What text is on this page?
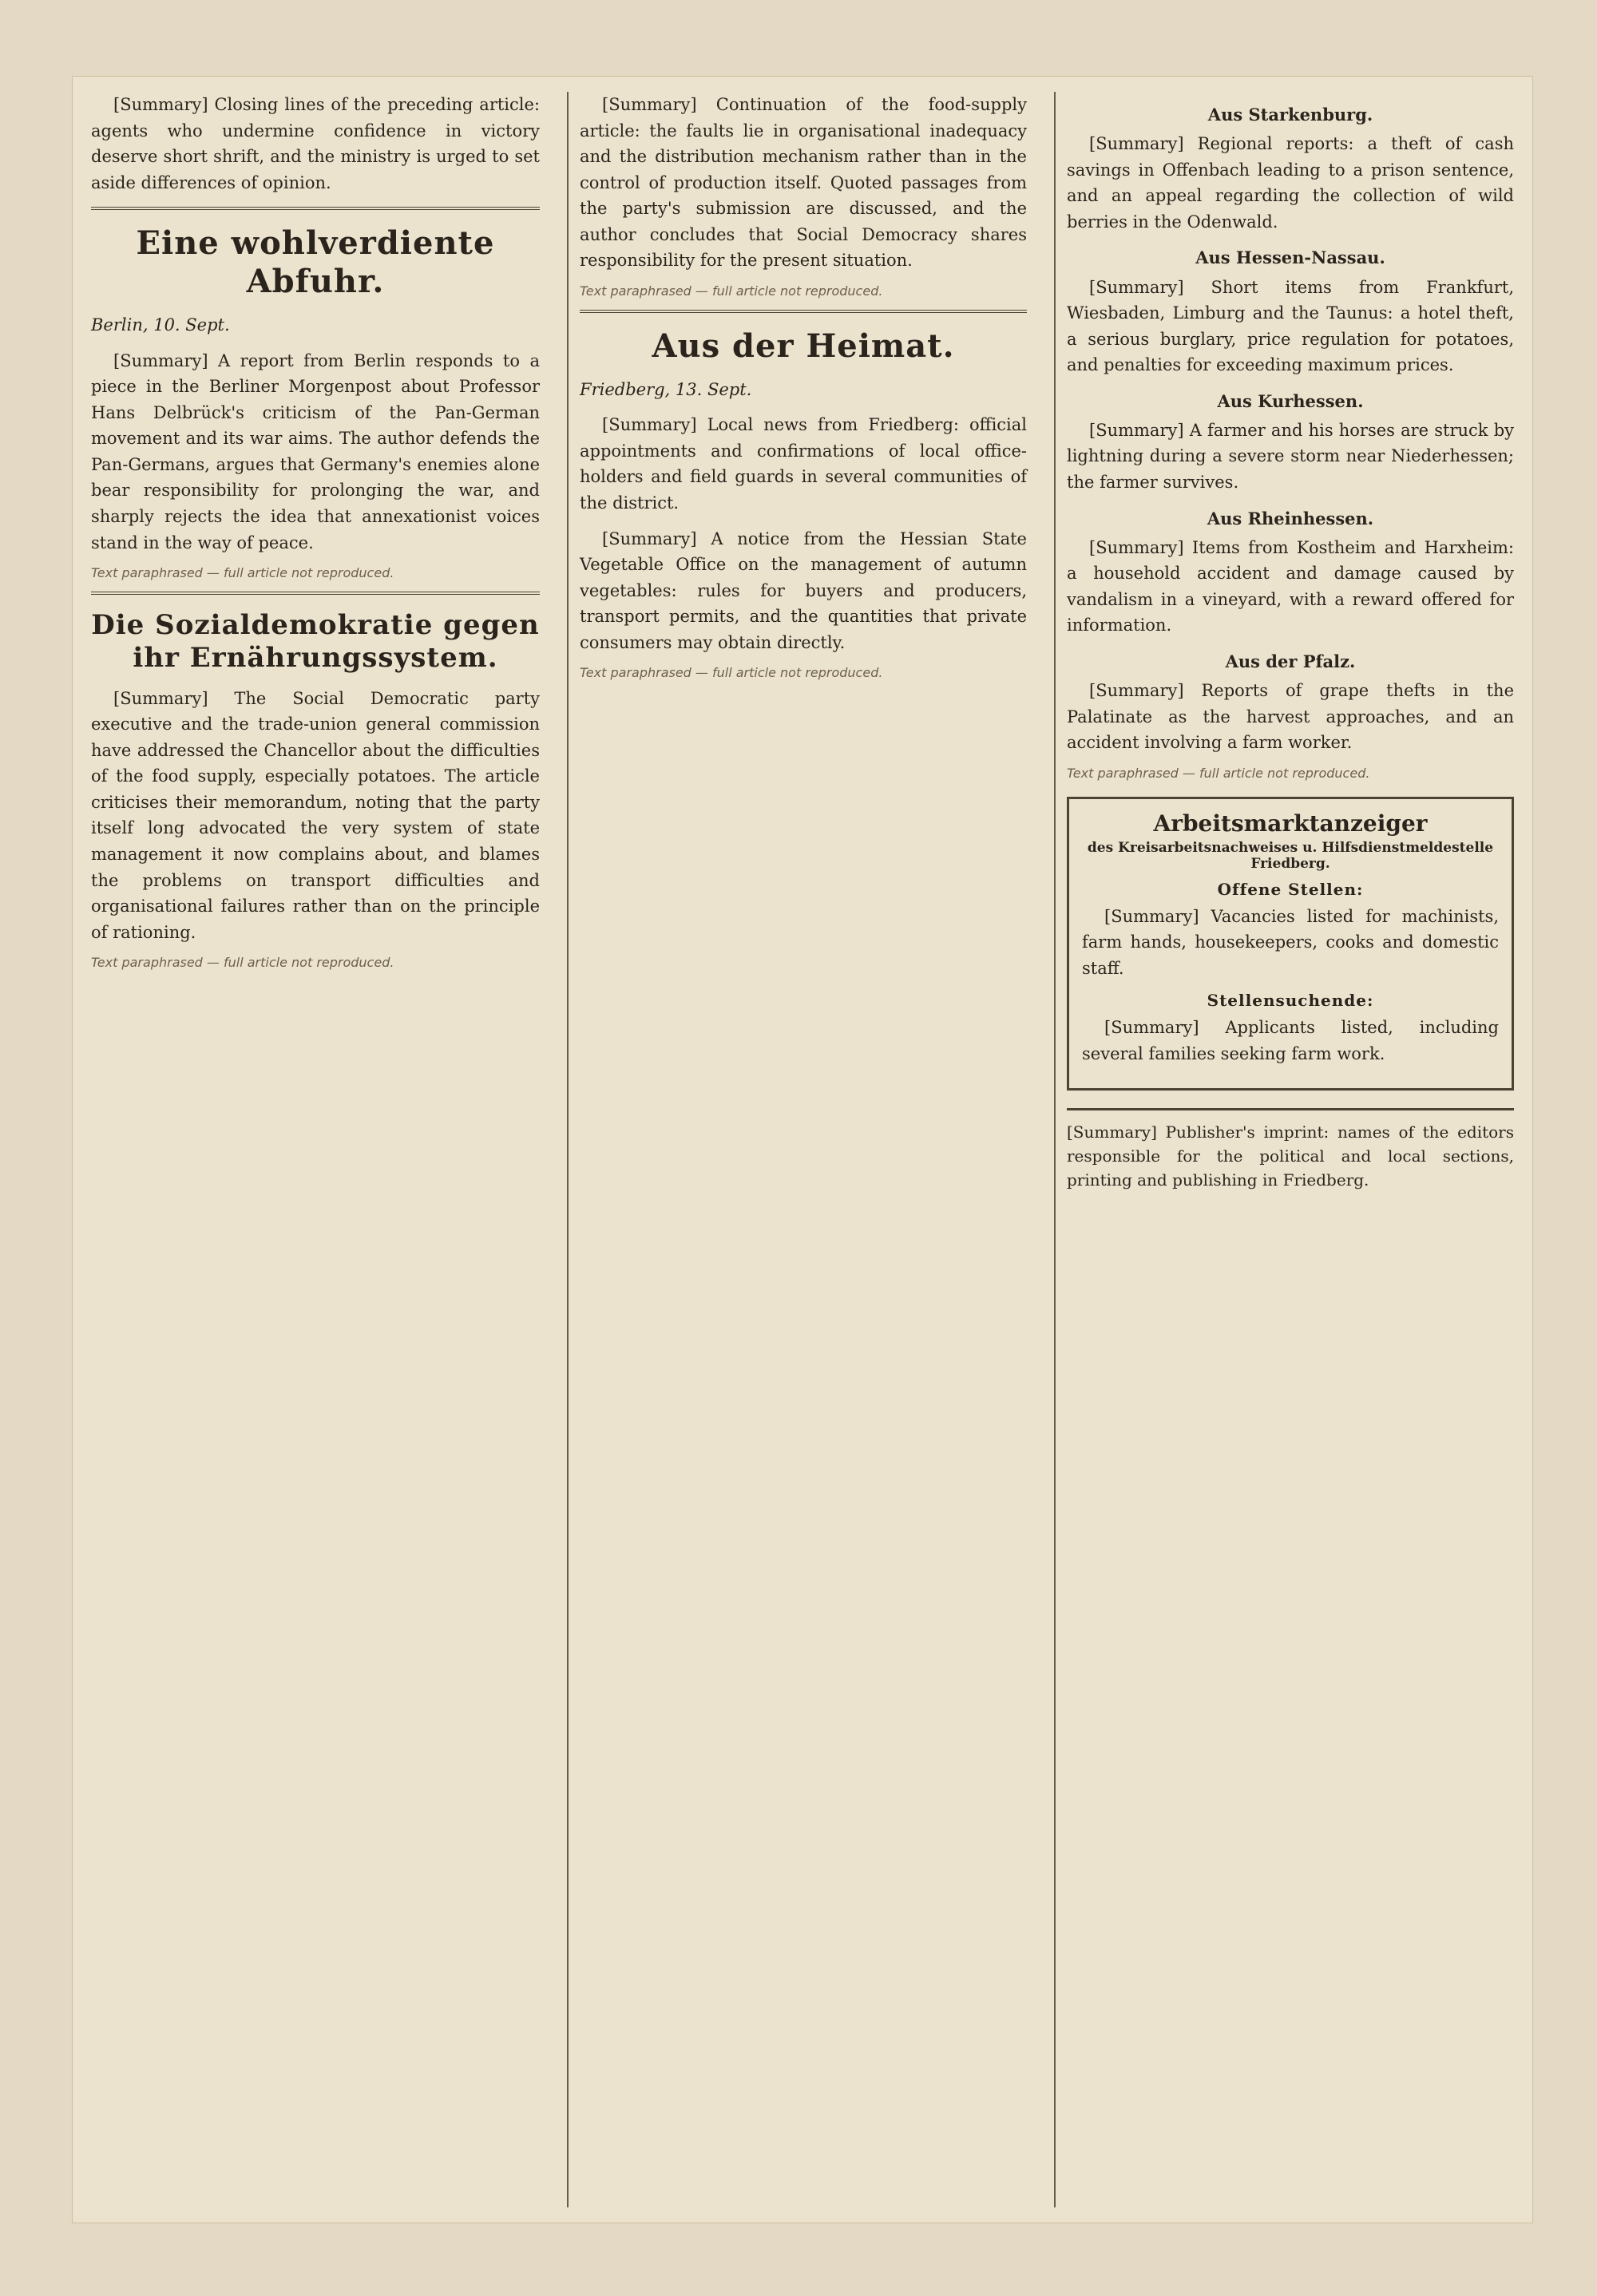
[Summary] Closing lines of the preceding article: agents who undermine confidence in victory deserve short shrift, and the ministry is urged to set aside differences of opinion.

Eine wohlverdiente Abfuhr.

Berlin, 10. Sept.

[Summary] A report from Berlin responds to a piece in the Berliner Morgenpost about Professor Hans Delbrück's criticism of the Pan-German movement and its war aims. The author defends the Pan-Germans, argues that Germany's enemies alone bear responsibility for prolonging the war, and sharply rejects the idea that annexationist voices stand in the way of peace.

Text paraphrased — full article not reproduced.

Die Sozialdemokratie gegen ihr Ernährungssystem.

[Summary] The Social Democratic party executive and the trade-union general commission have addressed the Chancellor about the difficulties of the food supply, especially potatoes. The article criticises their memorandum, noting that the party itself long advocated the very system of state management it now complains about, and blames the problems on transport difficulties and organisational failures rather than on the principle of rationing.

Text paraphrased — full article not reproduced.

[Summary] Continuation of the food-supply article: the faults lie in organisational inadequacy and the distribution mechanism rather than in the control of production itself. Quoted passages from the party's submission are discussed, and the author concludes that Social Democracy shares responsibility for the present situation.

Text paraphrased — full article not reproduced.

Aus der Heimat.

Friedberg, 13. Sept.

[Summary] Local news from Friedberg: official appointments and confirmations of local office-holders and field guards in several communities of the district.

[Summary] A notice from the Hessian State Vegetable Office on the management of autumn vegetables: rules for buyers and producers, transport permits, and the quantities that private consumers may obtain directly.

Text paraphrased — full article not reproduced.

Aus Starkenburg.

[Summary] Regional reports: a theft of cash savings in Offenbach leading to a prison sentence, and an appeal regarding the collection of wild berries in the Odenwald.

Aus Hessen-Nassau.

[Summary] Short items from Frankfurt, Wiesbaden, Limburg and the Taunus: a hotel theft, a serious burglary, price regulation for potatoes, and penalties for exceeding maximum prices.

Aus Kurhessen.

[Summary] A farmer and his horses are struck by lightning during a severe storm near Niederhessen; the farmer survives.

Aus Rheinhessen.

[Summary] Items from Kostheim and Harxheim: a household accident and damage caused by vandalism in a vineyard, with a reward offered for information.

Aus der Pfalz.

[Summary] Reports of grape thefts in the Palatinate as the harvest approaches, and an accident involving a farm worker.

Text paraphrased — full article not reproduced.

Arbeitsmarktanzeiger
des Kreisarbeitsnachweises u. Hilfsdienstmeldestelle Friedberg.
Offene Stellen:

[Summary] Vacancies listed for machinists, farm hands, housekeepers, cooks and domestic staff.

Stellensuchende:

[Summary] Applicants listed, including several families seeking farm work.

[Summary] Publisher's imprint: names of the editors responsible for the political and local sections, printing and publishing in Friedberg.
